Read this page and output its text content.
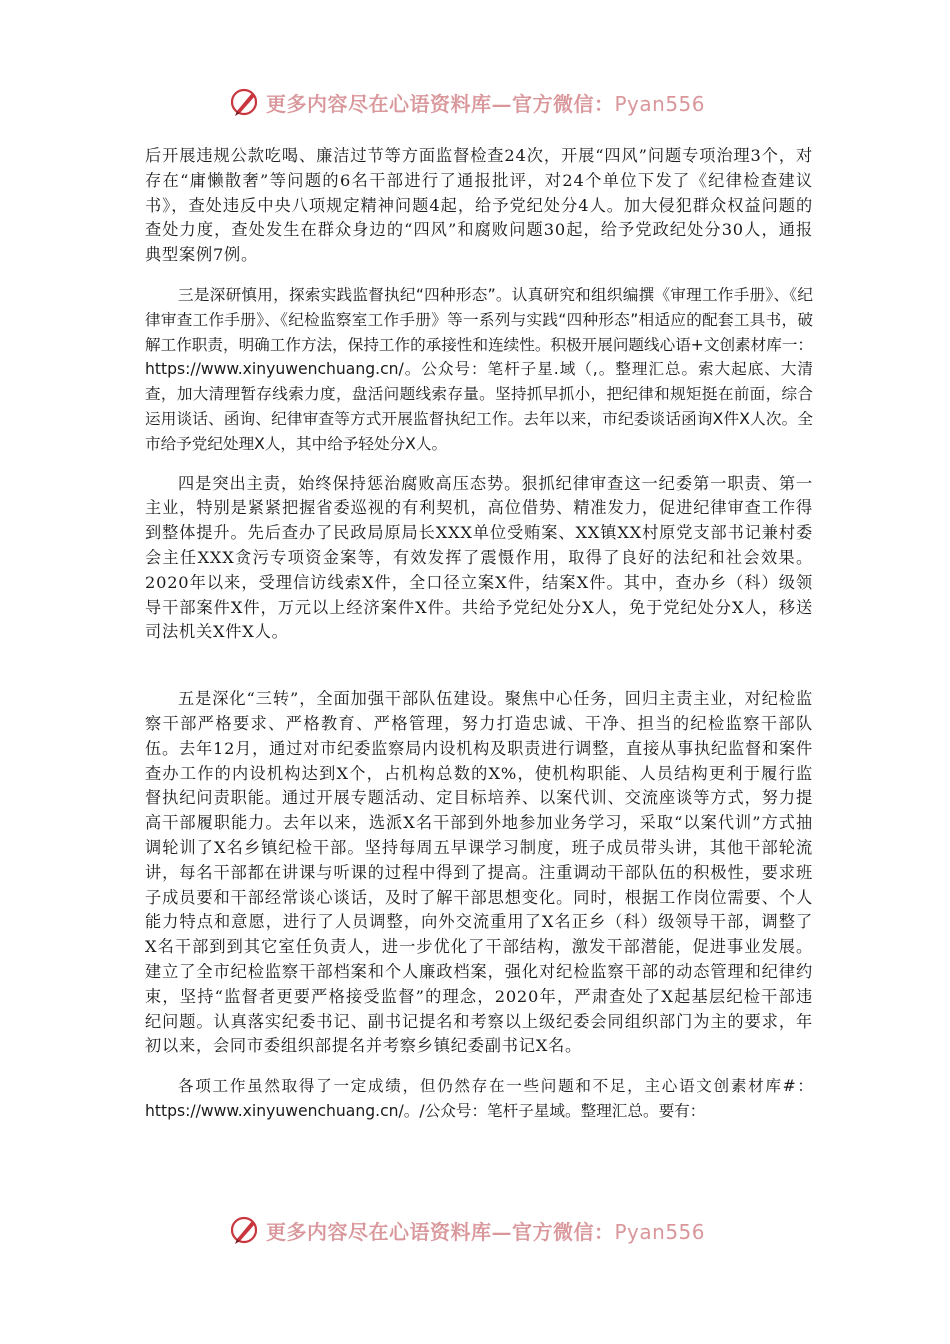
更多内容尽在心语资料库—官方微信：Pyan556

后开展违规公款吃喝、廉洁过节等方面监督检查24次，开展“四风”问题专项治理3个，对存在“庸懒散奢”等问题的6名干部进行了通报批评，对24个单位下发了《纪律检查建议书》，查处违反中央八项规定精神问题4起，给予党纪处分4人。加大侵犯群众权益问题的查处力度，查处发生在群众身边的“四风”和腐败问题30起，给予党政纪处分30人，通报典型案例7例。

三是深研慎用，探索实践监督执纪“四种形态”。认真研究和组织编撰《审理工作手册》、《纪律审查工作手册》、《纪检监察室工作手册》等一系列与实践“四种形态”相适应的配套工具书，破解工作职责，明确工作方法，保持工作的承接性和连续性。积极开展问题线心语+文创素材库一：https://www.xinyuwenchuang.cn/。公众号：笔杆子星.域（,。整理汇总。索大起底、大清查，加大清理暂存线索力度，盘活问题线索存量。坚持抓早抓小，把纪律和规矩挺在前面，综合运用谈话、函询、纪律审查等方式开展监督执纪工作。去年以来，市纪委谈话函询X件X人次。全市给予党纪处理X人，其中给予轻处分X人。

四是突出主责，始终保持惩治腐败高压态势。狠抓纪律审查这一纪委第一职责、第一主业，特别是紧紧把握省委巡视的有利契机，高位借势、精准发力，促进纪律审查工作得到整体提升。先后查办了民政局原局长XXX单位受贿案、XX镇XX村原党支部书记兼村委会主任XXX贪污专项资金案等，有效发挥了震慑作用，取得了良好的法纪和社会效果。2020年以来，受理信访线索X件，全口径立案X件，结案X件。其中，查办乡（科）级领导干部案件X件，万元以上经济案件X件。共给予党纪处分X人，免于党纪处分X人，移送司法机关X件X人。

五是深化“三转”，全面加强干部队伍建设。聚焦中心任务，回归主责主业，对纪检监察干部严格要求、严格教育、严格管理，努力打造忠诚、干净、担当的纪检监察干部队伍。去年12月，通过对市纪委监察局内设机构及职责进行调整，直接从事执纪监督和案件查办工作的内设机构达到X个，占机构总数的X%，使机构职能、人员结构更利于履行监督执纪问责职能。通过开展专题活动、定目标培养、以案代训、交流座谈等方式，努力提高干部履职能力。去年以来，选派X名干部到外地参加业务学习，采取“以案代训”方式抽调轮训了X名乡镇纪检干部。坚持每周五早课学习制度，班子成员带头讲，其他干部轮流讲，每名干部都在讲课与听课的过程中得到了提高。注重调动干部队伍的积极性，要求班子成员要和干部经常谈心谈话，及时了解干部思想变化。同时，根据工作岗位需要、个人能力特点和意愿，进行了人员调整，向外交流重用了X名正乡（科）级领导干部，调整了X名干部到到其它室任负责人，进一步优化了干部结构，激发干部潜能，促进事业发展。建立了全市纪检监察干部档案和个人廉政档案，强化对纪检监察干部的动态管理和纪律约束，坚持“监督者更要严格接受监督”的理念，2020年，严肃查处了X起基层纪检干部违纪问题。认真落实纪委书记、副书记提名和考察以上级纪委会同组织部门为主的要求，年初以来，会同市委组织部提名并考察乡镇纪委副书记X名。

各项工作虽然取得了一定成绩，但仍然存在一些问题和不足，主心语文创素材库#：https://www.xinyuwenchuang.cn/。/公众号：笔杆子星域。整理汇总。要有：

更多内容尽在心语资料库—官方微信：Pyan556
